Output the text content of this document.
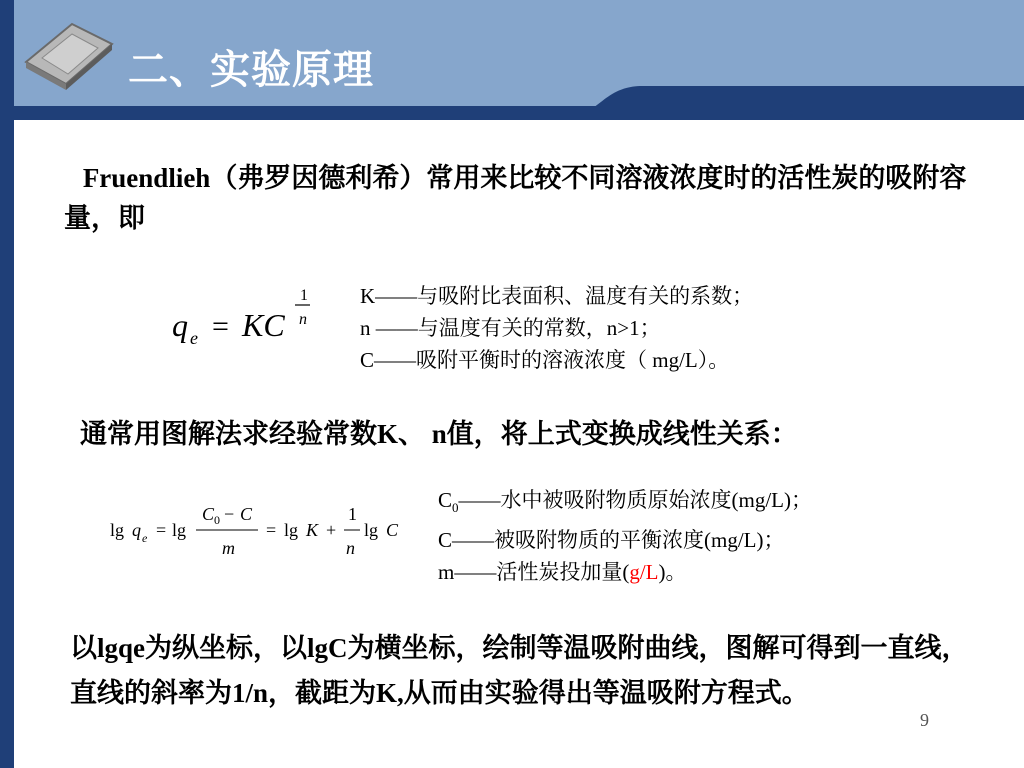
二、实验原理
Fruendlieh（弗罗因德利希）常用来比较不同溶液浓度时的活性炭的吸附容量，即
q e = KC
1
n
K——与吸附比表面积、温度有关的系数；
n ——与温度有关的常数，n>1；
C——吸附平衡时的溶液浓度（ mg/L）。
通常用图解法求经验常数K、 n值，将上式变换成线性关系：
lg q e = lg
C 0 − C
m
= lg K +
1
n
lg C
$C_0——$水中被吸附物质原始浓度(mg/L)；
C——被吸附物质的平衡浓度(mg/L)；
m——活性炭投加量(g/L)。
以lgqe为纵坐标，以lgC为横坐标，绘制等温吸附曲线，图解可得到一直线，直线的斜率为1/n，截距为K,从而由实验得出等温吸附方程式。
9
